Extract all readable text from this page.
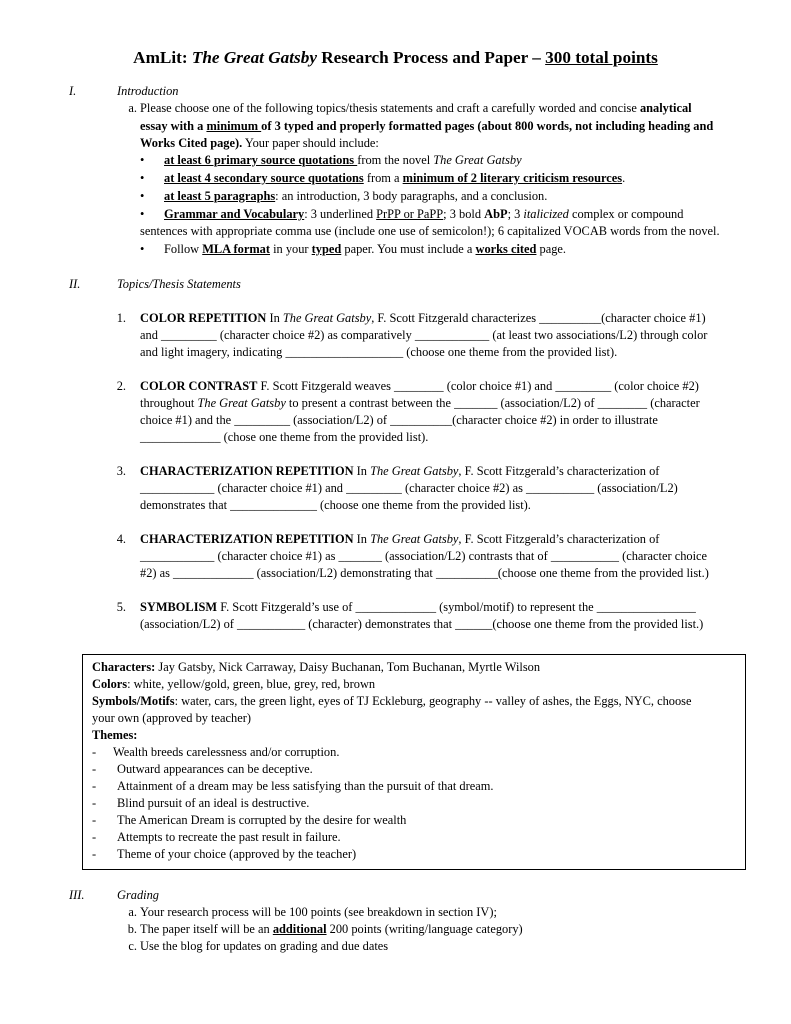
AmLit: The Great Gatsby Research Process and Paper – 300 total points
I.	Introduction
a. Please choose one of the following topics/thesis statements and craft a carefully worded and concise analytical
essay with a minimum of 3 typed and properly formatted pages (about 800 words, not including heading and
Works Cited page). Your paper should include:
• at least 6 primary source quotations from the novel The Great Gatsby
• at least 4 secondary source quotations from a minimum of 2 literary criticism resources.
• at least 5 paragraphs: an introduction, 3 body paragraphs, and a conclusion.
• Grammar and Vocabulary: 3 underlined PrPP or PaPP; 3 bold AbP; 3 italicized complex or compound
sentences with appropriate comma use (include one use of semicolon!); 6 capitalized VOCAB words from the novel.
• Follow MLA format in your typed paper. You must include a works cited page.
II.	Topics/Thesis Statements
1. COLOR REPETITION In The Great Gatsby, F. Scott Fitzgerald characterizes __________(character choice #1)
and _________ (character choice #2) as comparatively ____________ (at least two associations/L2) through color
and light imagery, indicating ___________________ (choose one theme from the provided list).
2. COLOR CONTRAST F. Scott Fitzgerald weaves ________ (color choice #1) and _________ (color choice #2)
throughout The Great Gatsby to present a contrast between the _______ (association/L2) of ________ (character
choice #1) and the _________ (association/L2) of __________(character choice #2) in order to illustrate
_____________ (chose one theme from the provided list).
3. CHARACTERIZATION REPETITION In The Great Gatsby, F. Scott Fitzgerald’s characterization of
____________ (character choice #1) and _________ (character choice #2) as ___________ (association/L2)
demonstrates that ______________ (choose one theme from the provided list).
4. CHARACTERIZATION REPETITION In The Great Gatsby, F. Scott Fitzgerald’s characterization of
____________ (character choice #1) as _______ (association/L2) contrasts that of ___________ (character choice
#2) as _____________ (association/L2) demonstrating that __________(choose one theme from the provided list.)
5. SYMBOLISM F. Scott Fitzgerald’s use of _____________ (symbol/motif) to represent the ________________
(association/L2) of ___________ (character) demonstrates that ______(choose one theme from the provided list.)
Characters: Jay Gatsby, Nick Carraway, Daisy Buchanan, Tom Buchanan, Myrtle Wilson
Colors: white, yellow/gold, green, blue, grey, red, brown
Symbols/Motifs: water, cars, the green light, eyes of TJ Eckleburg, geography -- valley of ashes, the Eggs, NYC, choose
your own (approved by teacher)
Themes:
- Wealth breeds carelessness and/or corruption.
- Outward appearances can be deceptive.
- Attainment of a dream may be less satisfying than the pursuit of that dream.
- Blind pursuit of an ideal is destructive.
- The American Dream is corrupted by the desire for wealth
- Attempts to recreate the past result in failure.
- Theme of your choice (approved by the teacher)
III.	Grading
a. Your research process will be 100 points (see breakdown in section IV);
b. The paper itself will be an additional 200 points (writing/language category)
c. Use the blog for updates on grading and due dates
